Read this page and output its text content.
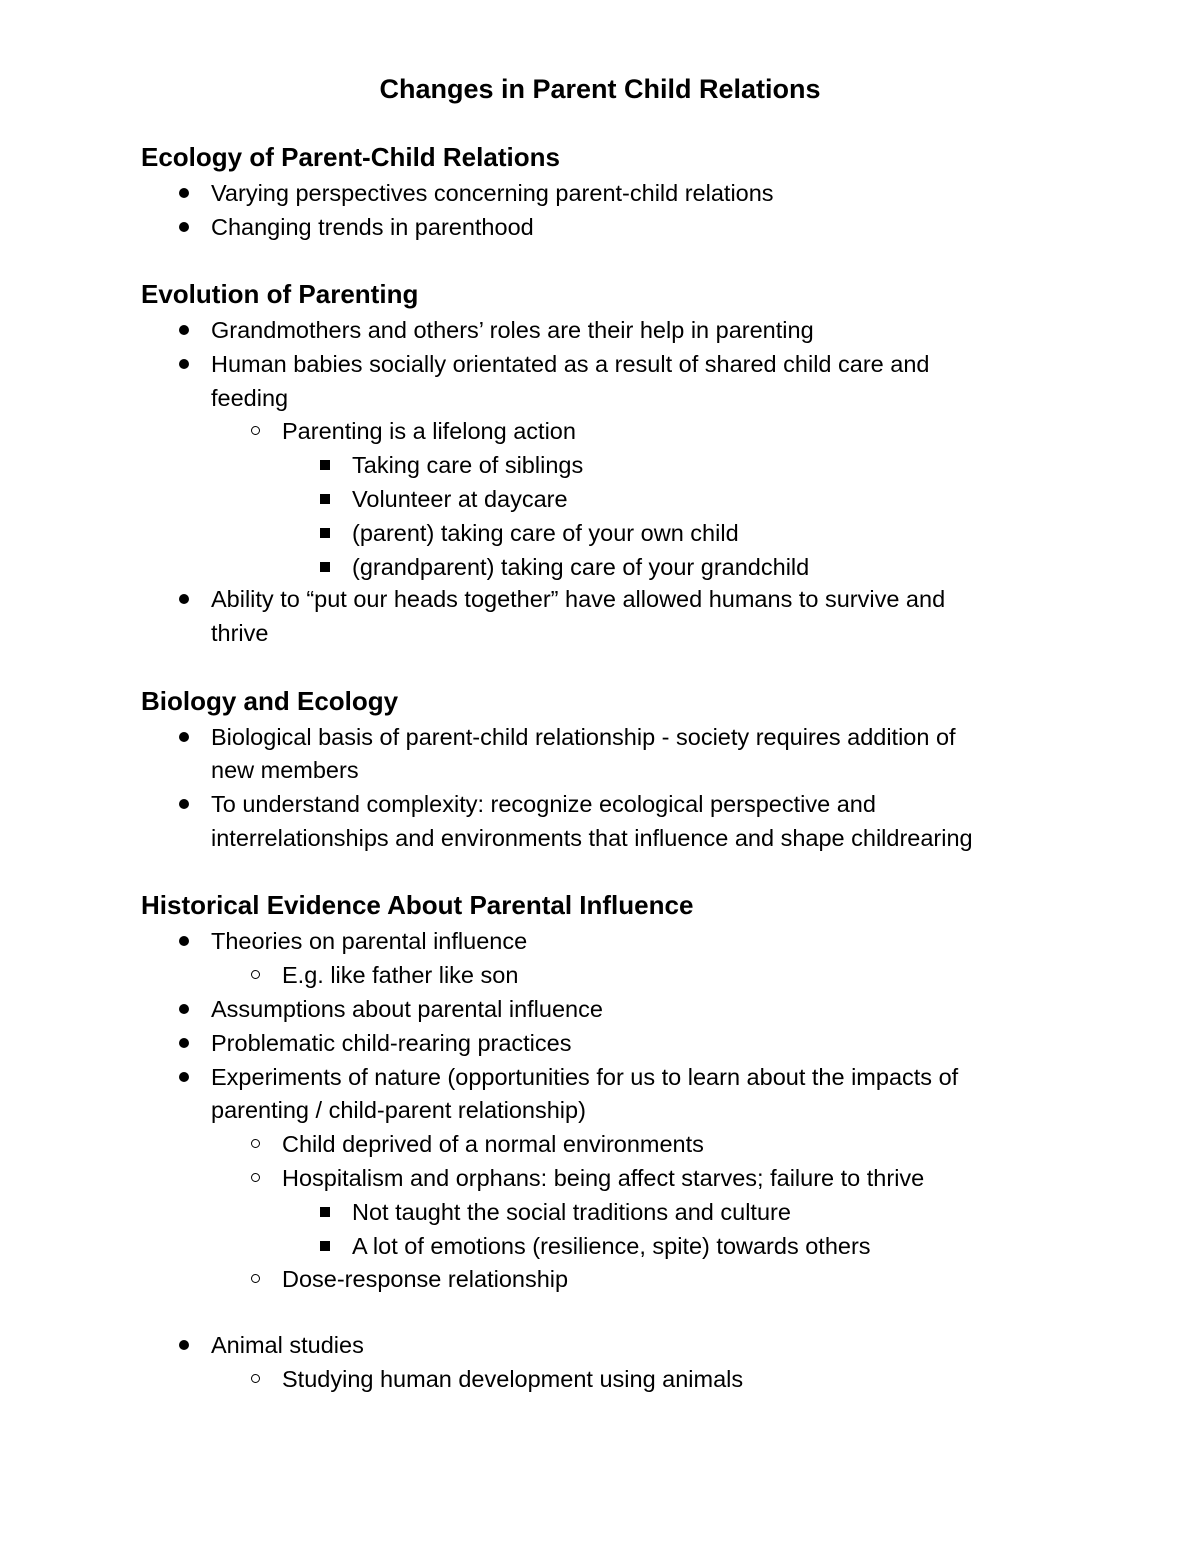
Changes in Parent Child Relations
Ecology of Parent-Child Relations
Varying perspectives concerning parent-child relations
Changing trends in parenthood
Evolution of Parenting
Grandmothers and others’ roles are their help in parenting
Human babies socially orientated as a result of shared child care and
feeding
Parenting is a lifelong action
Taking care of siblings
Volunteer at daycare
(parent) taking care of your own child
(grandparent) taking care of your grandchild
Ability to “put our heads together” have allowed humans to survive and
thrive
Biology and Ecology
Biological basis of parent-child relationship - society requires addition of
new members
To understand complexity: recognize ecological perspective and
interrelationships and environments that influence and shape childrearing
Historical Evidence About Parental Influence
Theories on parental influence
E.g. like father like son
Assumptions about parental influence
Problematic child-rearing practices
Experiments of nature (opportunities for us to learn about the impacts of
parenting / child-parent relationship)
Child deprived of a normal environments
Hospitalism and orphans: being affect starves; failure to thrive
Not taught the social traditions and culture
A lot of emotions (resilience, spite) towards others
Dose-response relationship
Animal studies
Studying human development using animals
